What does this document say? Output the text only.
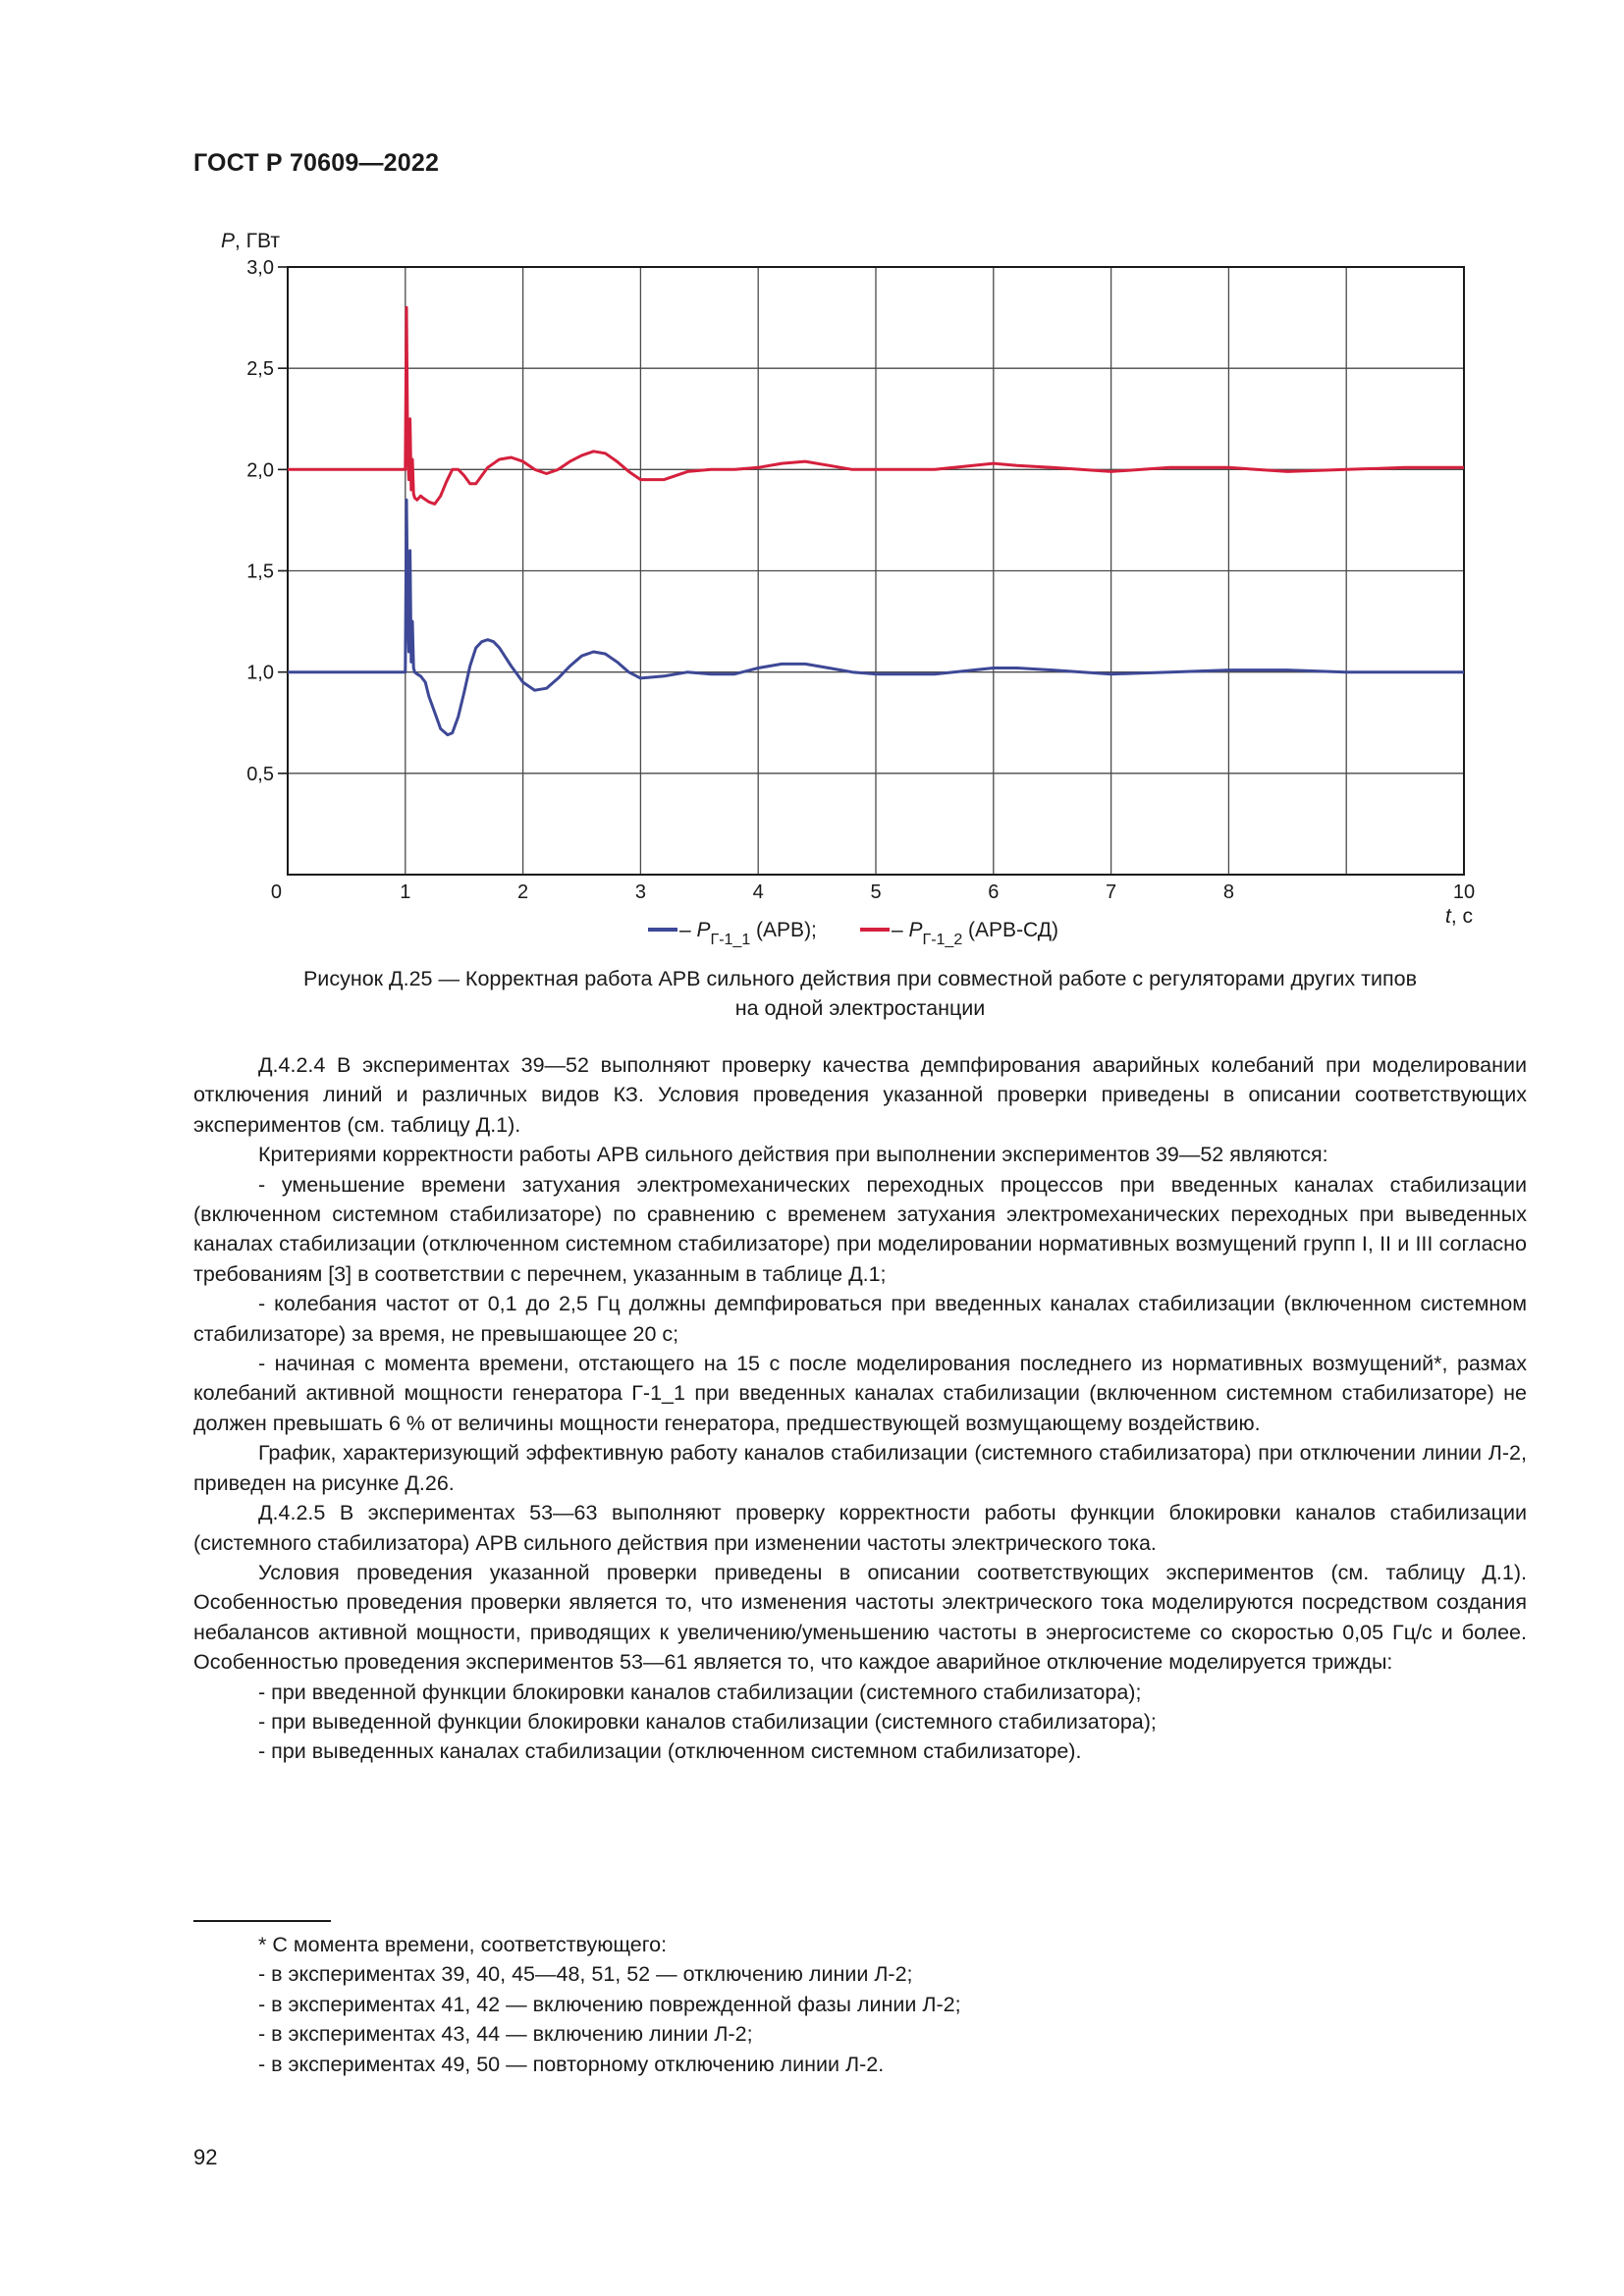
ГОСТ Р 70609—2022
0,5
1,0
1,5
2,0
2,5
3,0
0	1	2	3	4	5	6	7	8	10
P, ГВт
t, с
– $P_{Г-1\_1}$ (АРВ);	– $P_{Г-1\_2}$ (АРВ-СД)
Рисунок Д.25 — Корректная работа АРВ сильного действия при совместной работе с регуляторами других типов
на одной электростанции

Д.4.2.4 В экспериментах 39—52 выполняют проверку качества демпфирования аварийных колебаний при моделировании отключения линий и различных видов КЗ. Условия проведения указанной проверки приведены в описании соответствующих экспериментов (см. таблицу Д.1).

Критериями корректности работы АРВ сильного действия при выполнении экспериментов 39—52 являются:

- уменьшение времени затухания электромеханических переходных процессов при введенных каналах стабилизации (включенном системном стабилизаторе) по сравнению с временем затухания электромеханических переходных при выведенных каналах стабилизации (отключенном системном стабилизаторе) при моделировании нормативных возмущений групп I, II и III согласно требованиям [3] в соответствии с перечнем, указанным в таблице Д.1;

- колебания частот от 0,1 до 2,5 Гц должны демпфироваться при введенных каналах стабилизации (включенном системном стабилизаторе) за время, не превышающее 20 с;

- начиная с момента времени, отстающего на 15 с после моделирования последнего из нормативных возмущений*, размах колебаний активной мощности генератора Г-1_1 при введенных каналах стабилизации (включенном системном стабилизаторе) не должен превышать 6 % от величины мощности генератора, предшествующей возмущающему воздействию.

График, характеризующий эффективную работу каналов стабилизации (системного стабилизатора) при отключении линии Л-2, приведен на рисунке Д.26.

Д.4.2.5 В экспериментах 53—63 выполняют проверку корректности работы функции блокировки каналов стабилизации (системного стабилизатора) АРВ сильного действия при изменении частоты электрического тока.

Условия проведения указанной проверки приведены в описании соответствующих экспериментов (см. таблицу Д.1). Особенностью проведения проверки является то, что изменения частоты электрического тока моделируются посредством создания небалансов активной мощности, приводящих к увеличению/уменьшению частоты в энергосистеме со скоростью 0,05 Гц/с и более. Особенностью проведения экспериментов 53—61 является то, что каждое аварийное отключение моделируется трижды:

- при введенной функции блокировки каналов стабилизации (системного стабилизатора);

- при выведенной функции блокировки каналов стабилизации (системного стабилизатора);

- при выведенных каналах стабилизации (отключенном системном стабилизаторе).

* С момента времени, соответствующего:

- в экспериментах 39, 40, 45—48, 51, 52 — отключению линии Л-2;

- в экспериментах 41, 42 — включению поврежденной фазы линии Л-2;

- в экспериментах 43, 44 — включению линии Л-2;

- в экспериментах 49, 50 — повторному отключению линии Л-2.

92
